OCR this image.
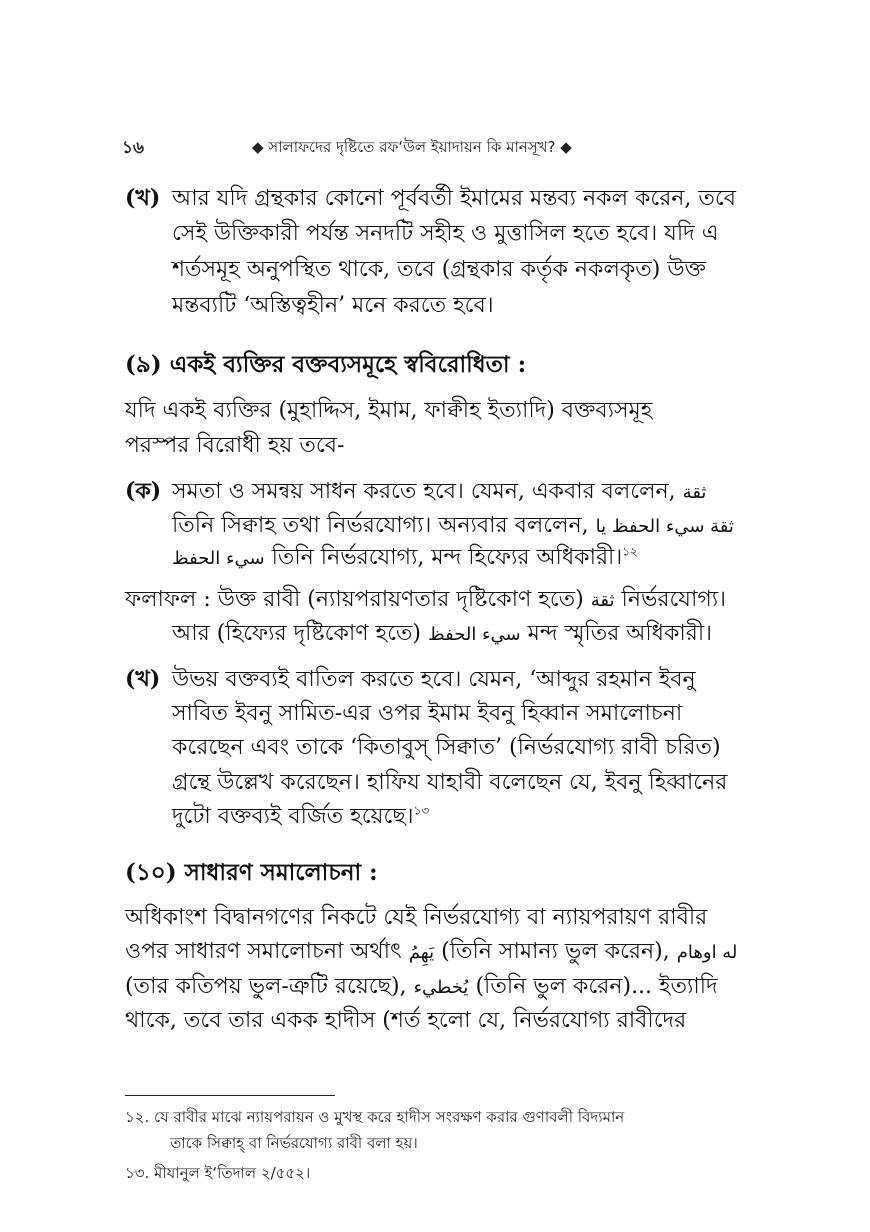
১৬	◆ সালাফদের দৃষ্টিতে রফ‘উল ইয়াদায়ন কি মানসূখ? ◆
(খ) আর যদি গ্রন্থকার কোনো পূর্ববর্তী ইমামের মন্তব্য নকল করেন, তবে
সেই উক্তিকারী পর্যন্ত সনদটি সহীহ ও মুত্তাসিল হতে হবে। যদি এ
শর্তসমূহ অনুপস্থিত থাকে, তবে (গ্রন্থকার কর্তৃক নকলকৃত) উক্ত
মন্তব্যটি ‘অস্তিত্বহীন’ মনে করতে হবে।
(৯) একই ব্যক্তির বক্তব্যসমূহে স্ববিরোধিতা :
যদি একই ব্যক্তির (মুহাদ্দিস, ইমাম, ফাক্বীহ ইত্যাদি) বক্তব্যসমূহ
পরস্পর বিরোধী হয় তবে-
(ক) সমতা ও সমন্বয় সাধন করতে হবে। যেমন, একবার বললেন, ثقة
তিনি সিক্বাহ তথা নির্ভরযোগ্য। অন্যবার বললেন, ثقة سيء الحفظ يا
سيء الحفظ তিনি নির্ভরযোগ্য, মন্দ হিফ্যের অধিকারী।$^{১২}$
ফলাফল : উক্ত রাবী (ন্যায়পরায়ণতার দৃষ্টিকোণ হতে) ثقة নির্ভরযোগ্য।
আর (হিফ্যের দৃষ্টিকোণ হতে) سيء الحفظ মন্দ স্মৃতির অধিকারী।
(খ) উভয় বক্তব্যই বাতিল করতে হবে। যেমন, ‘আব্দুর রহমান ইবনু
সাবিত ইবনু সামিত-এর ওপর ইমাম ইবনু হিব্বান সমালোচনা
করেছেন এবং তাকে ‘কিতাবুস্ সিক্বাত’ (নির্ভরযোগ্য রাবী চরিত)
গ্রন্থে উল্লেখ করেছেন। হাফিয যাহাবী বলেছেন যে, ইবনু হিব্বানের
দুটো বক্তব্যই বর্জিত হয়েছে।$^{১৩}$
(১০) সাধারণ সমালোচনা :
অধিকাংশ বিদ্বানগণের নিকটে যেই নির্ভরযোগ্য বা ন্যায়পরায়ণ রাবীর
ওপর সাধারণ সমালোচনা অর্থাৎ يَهِمُ (তিনি সামান্য ভুল করেন), له اوهام
(তার কতিপয় ভুল-ত্রুটি রয়েছে), يُخطيء (তিনি ভুল করেন)... ইত্যাদি
থাকে, তবে তার একক হাদীস (শর্ত হলো যে, নির্ভরযোগ্য রাবীদের
১২. যে রাবীর মাঝে ন্যায়পরায়ন ও মুখস্থ করে হাদীস সংরক্ষণ করার গুণাবলী বিদ্যমান
তাকে সিক্বাহ্ বা নির্ভরযোগ্য রাবী বলা হয়।
১৩. মীযানুল ই‘তিদাল ২/৫৫২।
